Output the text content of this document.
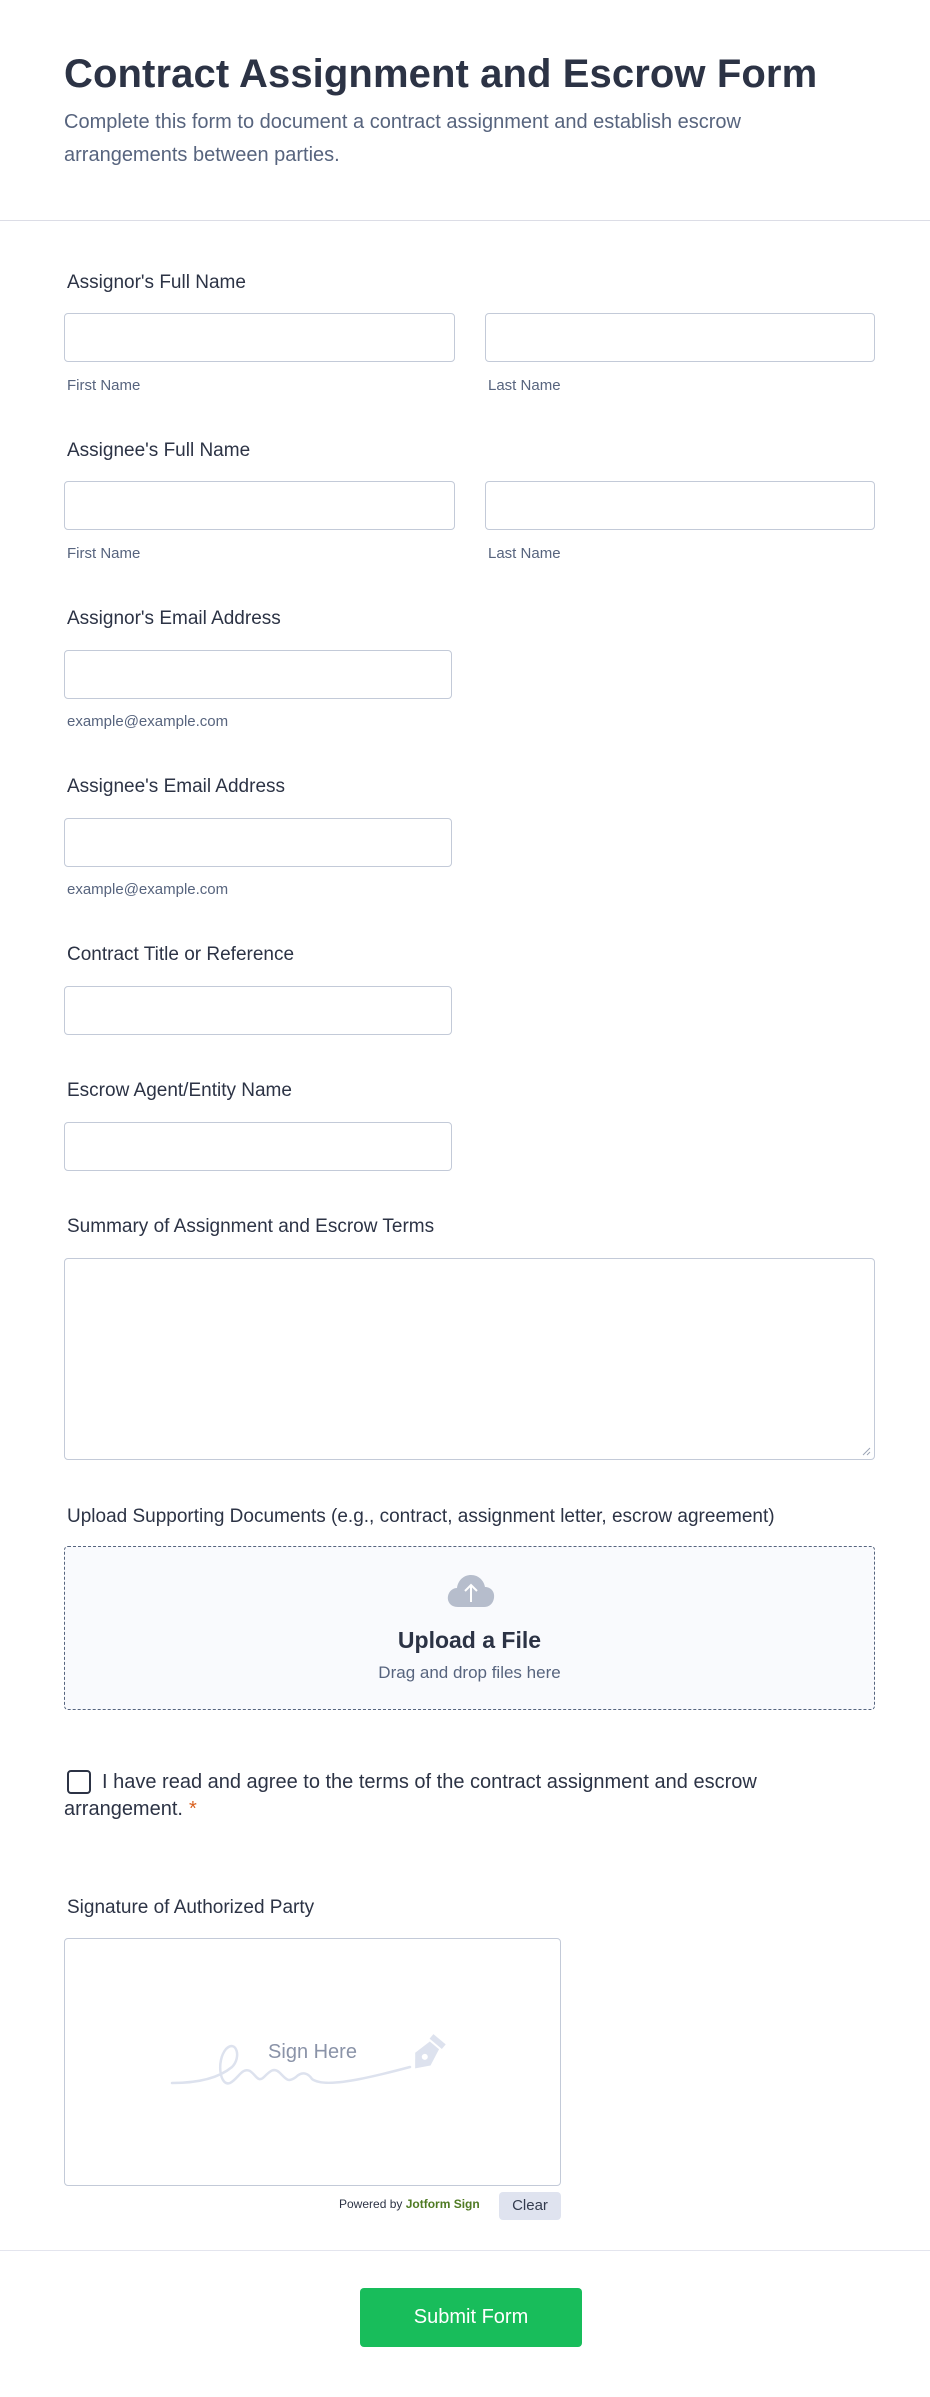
Contract Assignment and Escrow Form

Complete this form to document a contract assignment and establish escrow arrangements between parties.

Assignor's Full Name
First Name	Last Name
Assignee's Full Name
First Name	Last Name
Assignor's Email Address
example@example.com
Assignee's Email Address
example@example.com
Contract Title or Reference
Escrow Agent/Entity Name
Summary of Assignment and Escrow Terms
Upload Supporting Documents (e.g., contract, assignment letter, escrow agreement)
Upload a File
Drag and drop files here

I have read and agree to the terms of the contract assignment and escrow arrangement. *

Signature of Authorized Party
Sign Here
Powered by Jotform Sign	Clear
Submit Form
